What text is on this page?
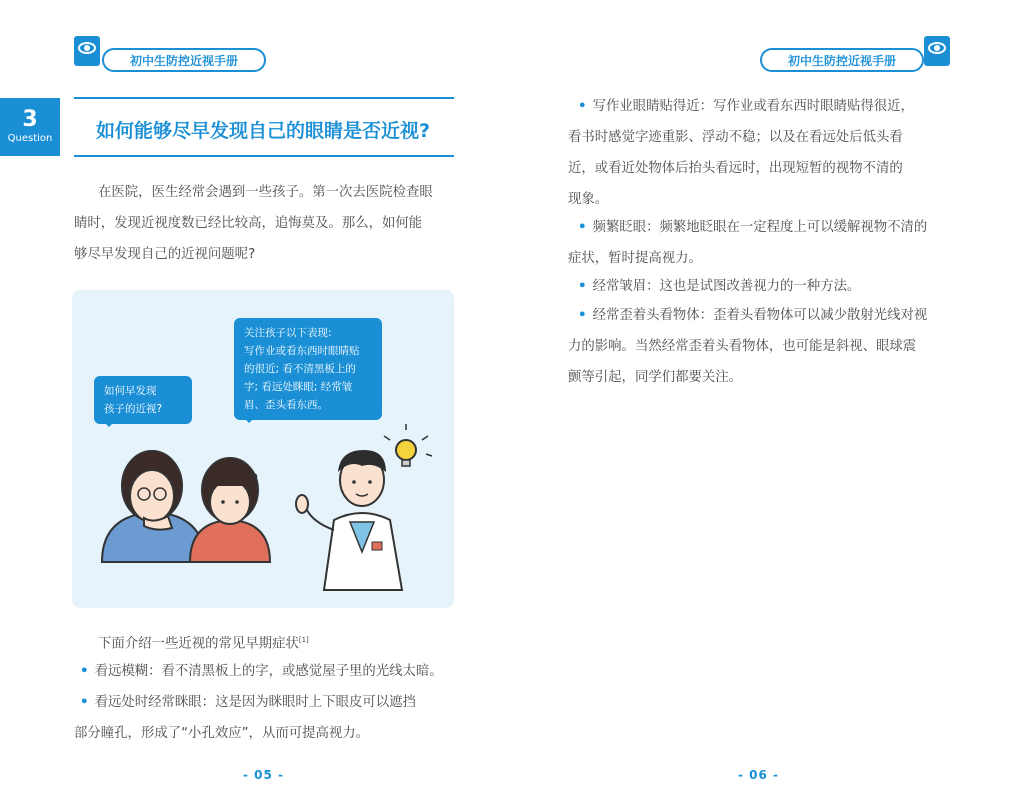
初中生防控近视手册	初中生防控近视手册
3
Question 如何能够尽早发现自己的眼睛是否近视?
在医院，医生经常会遇到一些孩子。第一次去医院检查眼
睛时，发现近视度数已经比较高，追悔莫及。那么，如何能
够尽早发现自己的近视问题呢?
如何早发现
孩子的近视?
关注孩子以下表现:
写作业或看东西时眼睛贴
的很近; 看不清黑板上的
字; 看远处眯眼; 经常皱
眉、歪头看东西。
?
下面介绍一些近视的常见早期症状[1]
• 看远模糊：看不清黑板上的字，或感觉屋子里的光线太暗。
• 看远处时经常眯眼：这是因为眯眼时上下眼皮可以遮挡
部分瞳孔，形成了“小孔效应”，从而可提高视力。
- 05 -
• 写作业眼睛贴得近：写作业或看东西时眼睛贴得很近，
看书时感觉字迹重影、浮动不稳；以及在看远处后低头看
近，或看近处物体后抬头看远时，出现短暂的视物不清的
现象。
• 频繁眨眼：频繁地眨眼在一定程度上可以缓解视物不清的
症状，暂时提高视力。
• 经常皱眉：这也是试图改善视力的一种方法。
• 经常歪着头看物体：歪着头看物体可以减少散射光线对视
力的影响。当然经常歪着头看物体，也可能是斜视、眼球震
颤等引起，同学们都要关注。
- 06 -
